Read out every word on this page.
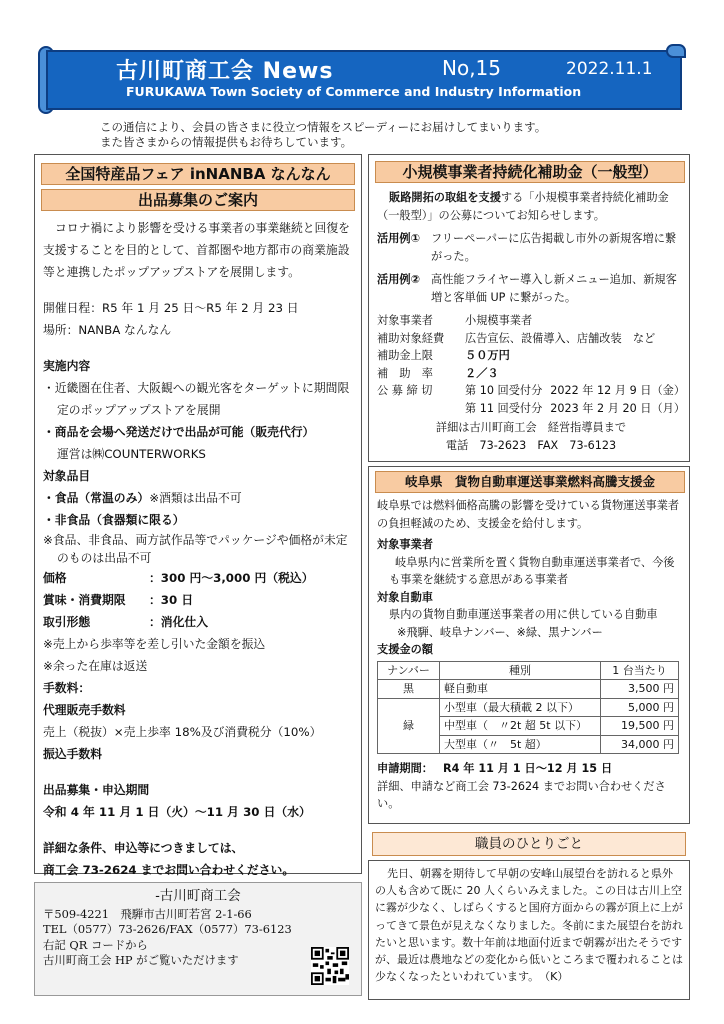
古川町商工会 News	No,15	2022.11.1
FURUKAWA Town Society of Commerce and Industry Information
この通信により、会員の皆さまに役立つ情報をスピーディーにお届けしてまいります。
また皆さまからの情報提供もお待ちしています。
全国特産品フェア inNANBA なんなん
出品募集のご案内

コロナ禍により影響を受ける事業者の事業継続と回復を支援することを目的として、首都圏や地方都市の商業施設等と連携したポップアップストアを展開します。

開催日程：R5 年 1 月 25 日～R5 年 2 月 23 日

場所：NANBA なんなん

実施内容

・近畿圏在住者、大阪観への観光客をターゲットに期間限定のポップアップストアを展開

・商品を会場へ発送だけで出品が可能（販売代行）

運営は㈱COUNTERWORKS

対象品目

・食品（常温のみ）※酒類は出品不可

・非食品（食器類に限る）

※食品、非食品、両方試作品等でパッケージや価格が未定のものは出品不可

価格	：300 円～3,000 円（税込）
賞味・消費期限	：30 日
取引形態	：消化仕入

※売上から歩率等を差し引いた金額を振込

※余った在庫は返送

手数料：

代理販売手数料

売上（税抜）×売上歩率 18%及び消費税分（10%）

振込手数料

出品募集・申込期間

令和 4 年 11 月 1 日（火）～11 月 30 日（水）

詳細な条件、申込等につきましては、

商工会 73-2624 までお問い合わせください。

-古川町商工会
〒509-4221　飛騨市古川町若宮 2-1-66
TEL（0577）73-2626/FAX（0577）73-6123
右記 QR コードから
古川町商工会 HP がご覧いただけます
小規模事業者持続化補助金（一般型）

販路開拓の取組を支援する「小規模事業者持続化補助金（一般型）」の公募についてお知らせします。

活用例① フリーペーパーに広告掲載し市外の新規客増に繋がった。
活用例② 高性能フライヤー導入し新メニュー追加、新規客増と客単価 UP に繋がった。
対象事業者	小規模事業者
補助対象経費	広告宣伝、設備導入、店舗改装　など
補助金上限	５０万円
補　助　率	２／３
公 募 締 切	第 10 回受付分 2022 年 12 月 9 日（金）
第 11 回受付分 2023 年 2 月 20 日（月）
詳細は古川町商工会　経営指導員まで
電話　73-2623　FAX　73-6123
岐阜県　貨物自動車運送事業燃料高騰支援金

岐阜県では燃料価格高騰の影響を受けている貨物運送事業者の負担軽減のため、支援金を給付します。

対象事業者

岐阜県内に営業所を置く貨物自動車運送事業者で、今後も事業を継続する意思がある事業者

対象自動車

県内の貨物自動車運送事業者の用に供している自動車

※飛騨、岐阜ナンバー、※緑、黒ナンバー

支援金の額

ナンバー	種別	1 台当たり
黒	軽自動車	3,500 円
緑	小型車（最大積載 2 以下）	5,000 円
	中型車（　〃2t 超 5t 以下）	19,500 円
	大型車（〃　5t 超）	34,000 円

申請期間： R4 年 11 月 1 日～12 月 15 日

詳細、申請など商工会 73-2624 までお問い合わせください。

職員のひとりごと

先日、朝霧を期待して早朝の安峰山展望台を訪れると県外の人も含めて既に 20 人くらいみえました。この日は古川上空に霧が少なく、しばらくすると国府方面からの霧が頂上に上がってきて景色が見えなくなりました。冬前にまた展望台を訪れたいと思います。数十年前は地面付近まで朝霧が出たそうですが、最近は農地などの変化から低いところまで覆われることは少なくなったといわれています。　（K）
